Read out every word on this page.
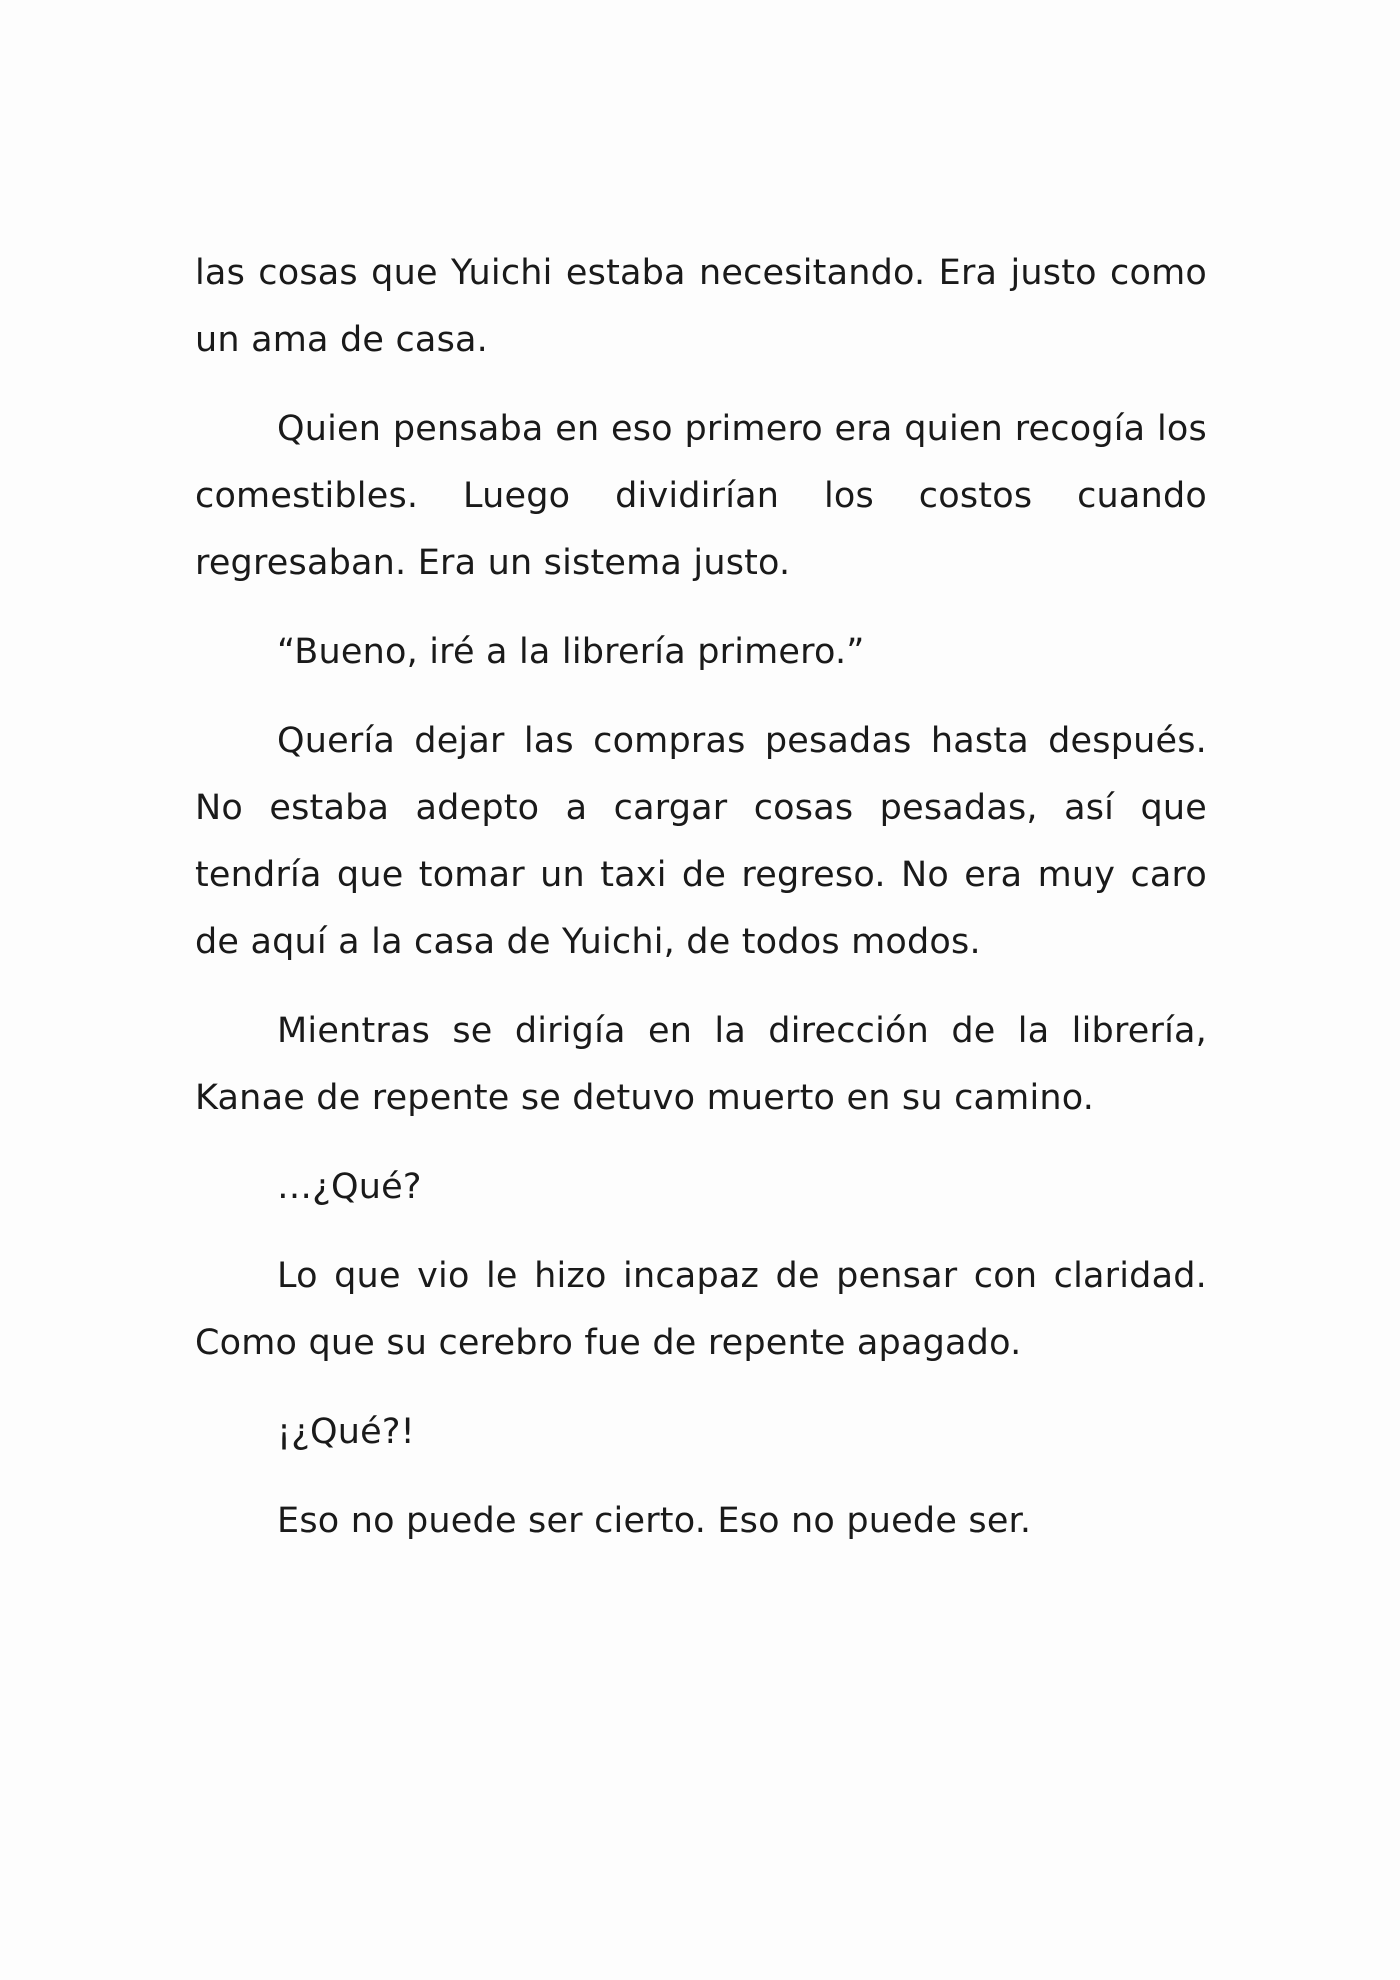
las cosas que Yuichi estaba necesitando. Era justo como un ama de casa.

Quien pensaba en eso primero era quien recogía los comestibles. Luego dividirían los costos cuando regresaban. Era un sistema justo.

“Bueno, iré a la librería primero.”

Quería dejar las compras pesadas hasta después. No estaba adepto a cargar cosas pesadas, así que tendría que tomar un taxi de regreso. No era muy caro de aquí a la casa de Yuichi, de todos modos.

Mientras se dirigía en la dirección de la librería, Kanae de repente se detuvo muerto en su camino.

…¿Qué?

Lo que vio le hizo incapaz de pensar con claridad. Como que su cerebro fue de repente apagado.

¡¿Qué?!

Eso no puede ser cierto. Eso no puede ser.
